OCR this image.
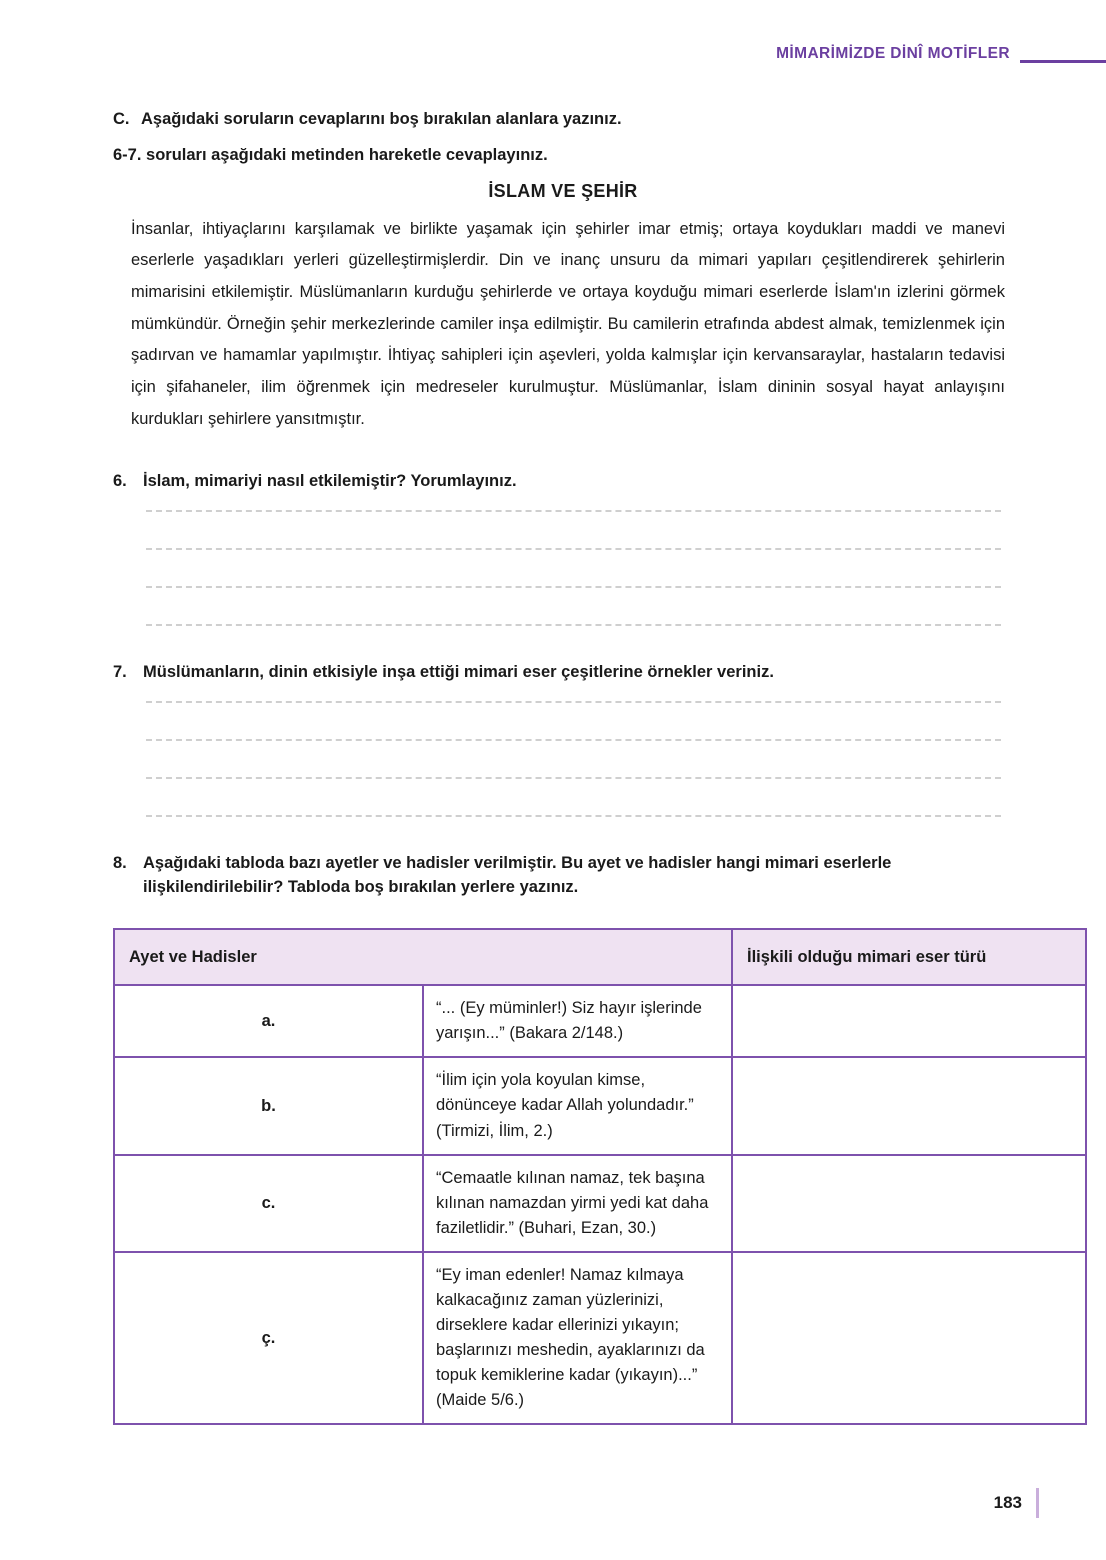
MİMARİMİZDE DİNÎ MOTİFLER
C. Aşağıdaki soruların cevaplarını boş bırakılan alanlara yazınız.
6-7. soruları aşağıdaki metinden hareketle cevaplayınız.
İSLAM VE ŞEHİR
İnsanlar, ihtiyaçlarını karşılamak ve birlikte yaşamak için şehirler imar etmiş; ortaya koydukları maddi ve manevi eserlerle yaşadıkları yerleri güzelleştirmişlerdir. Din ve inanç unsuru da mimari yapıları çeşitlendirerek şehirlerin mimarisini etkilemiştir. Müslümanların kurduğu şehirlerde ve ortaya koyduğu mimari eserlerde İslam'ın izlerini görmek mümkündür. Örneğin şehir merkezlerinde camiler inşa edilmiştir. Bu camilerin etrafında abdest almak, temizlenmek için şadırvan ve hamamlar yapılmıştır. İhtiyaç sahipleri için aşevleri, yolda kalmışlar için kervansaraylar, hastaların tedavisi için şifahaneler, ilim öğrenmek için medreseler kurulmuştur. Müslümanlar, İslam dininin sosyal hayat anlayışını kurdukları şehirlere yansıtmıştır.
6. İslam, mimariyi nasıl etkilemiştir? Yorumlayınız.
7. Müslümanların, dinin etkisiyle inşa ettiği mimari eser çeşitlerine örnekler veriniz.
8. Aşağıdaki tabloda bazı ayetler ve hadisler verilmiştir. Bu ayet ve hadisler hangi mimari eserlerle ilişkilendirilebilir? Tabloda boş bırakılan yerlere yazınız.
Ayet ve Hadisler		İlişkili olduğu mimari eser türü
a.	“... (Ey müminler!) Siz hayır işlerinde yarışın...” (Bakara 2/148.)	
b.	“İlim için yola koyulan kimse, dönünceye kadar Allah yolundadır.” (Tirmizi, İlim, 2.)	
c.	“Cemaatle kılınan namaz, tek başına kılınan namazdan yirmi yedi kat daha faziletlidir.” (Buhari, Ezan, 30.)	
ç.	“Ey iman edenler! Namaz kılmaya kalkacağınız zaman yüzlerinizi, dirseklere kadar ellerinizi yıkayın; başlarınızı meshedin, ayaklarınızı da topuk kemiklerine kadar (yıkayın)...” (Maide 5/6.)	
183
